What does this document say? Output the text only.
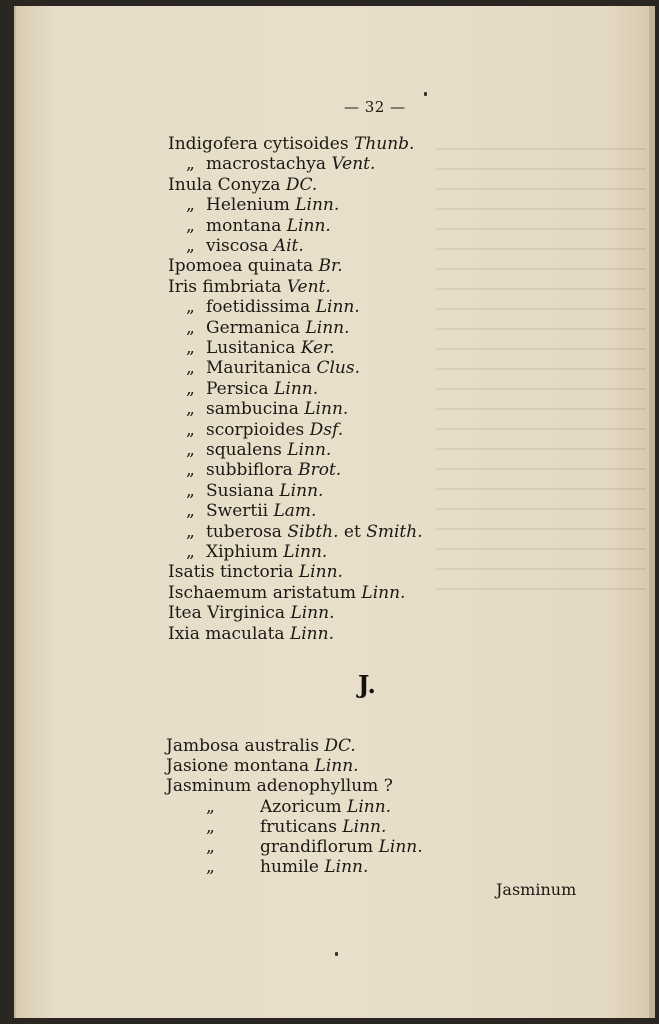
— 32 —
Indigofera cytisoides Thunb.
„ macrostachya Vent.
Inula Conyza DC.
„ Helenium Linn.
„ montana Linn.
„ viscosa Ait.
Ipomoea quinata Br.
Iris fimbriata Vent.
„ foetidissima Linn.
„ Germanica Linn.
„ Lusitanica Ker.
„ Mauritanica Clus.
„ Persica Linn.
„ sambucina Linn.
„ scorpioides Dsf.
„ squalens Linn.
„ subbiflora Brot.
„ Susiana Linn.
„ Swertii Lam.
„ tuberosa Sibth. et Smith.
„ Xiphium Linn.
Isatis tinctoria Linn.
Ischaemum aristatum Linn.
Itea Virginica Linn.
Ixia maculata Linn.
J.
Jambosa australis DC.
Jasione montana Linn.
Jasminum adenophyllum ?
„	Azoricum Linn.
„	fruticans Linn.
„	grandiflorum Linn.
„	humile Linn.
Jasminum
